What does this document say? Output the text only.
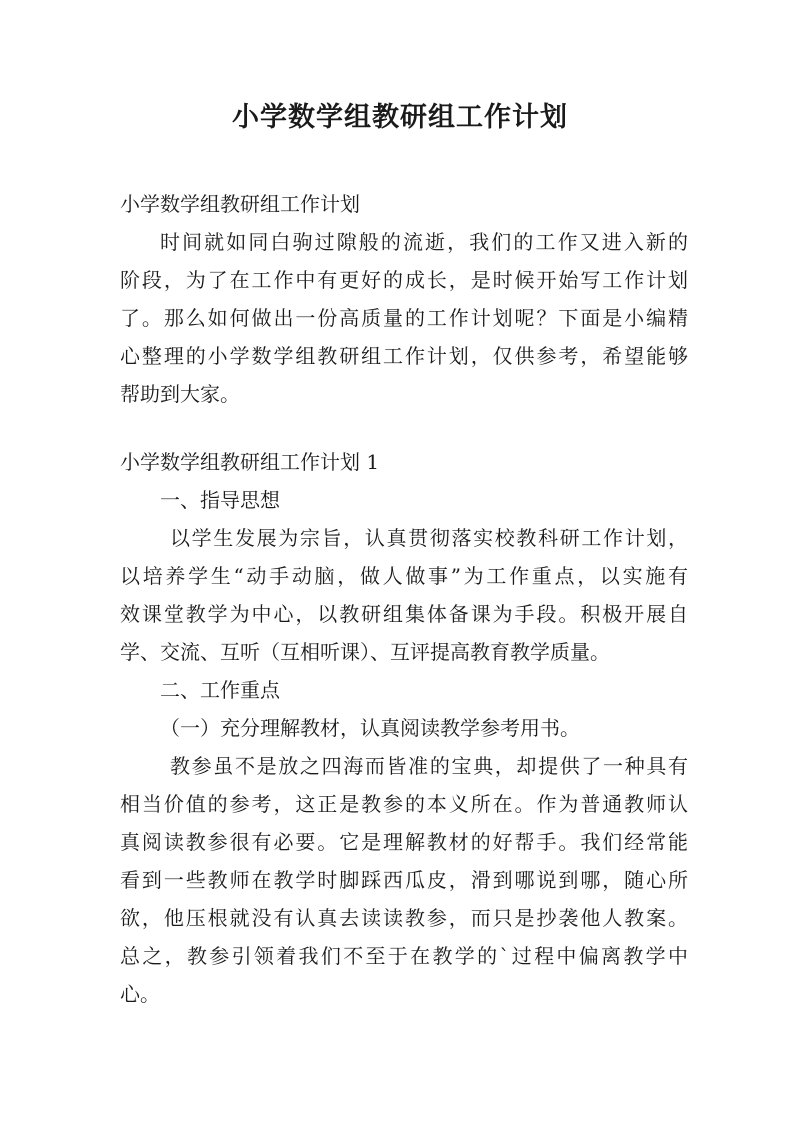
小学数学组教研组工作计划
小学数学组教研组工作计划
时间就如同白驹过隙般的流逝，我们的工作又进入新的
阶段，为了在工作中有更好的成长，是时候开始写工作计划
了。那么如何做出一份高质量的工作计划呢？下面是小编精
心整理的小学数学组教研组工作计划，仅供参考，希望能够
帮助到大家。
小学数学组教研组工作计划 1
一、指导思想
以学生发展为宗旨，认真贯彻落实校教科研工作计划，
以培养学生“动手动脑，做人做事”为工作重点，以实施有
效课堂教学为中心，以教研组集体备课为手段。积极开展自
学、交流、互听（互相听课）、互评提高教育教学质量。
二、工作重点
（一）充分理解教材，认真阅读教学参考用书。
教参虽不是放之四海而皆准的宝典，却提供了一种具有
相当价值的参考，这正是教参的本义所在。作为普通教师认
真阅读教参很有必要。它是理解教材的好帮手。我们经常能
看到一些教师在教学时脚踩西瓜皮，滑到哪说到哪，随心所
欲，他压根就没有认真去读读教参，而只是抄袭他人教案。
总之，教参引领着我们不至于在教学的`过程中偏离教学中
心。
